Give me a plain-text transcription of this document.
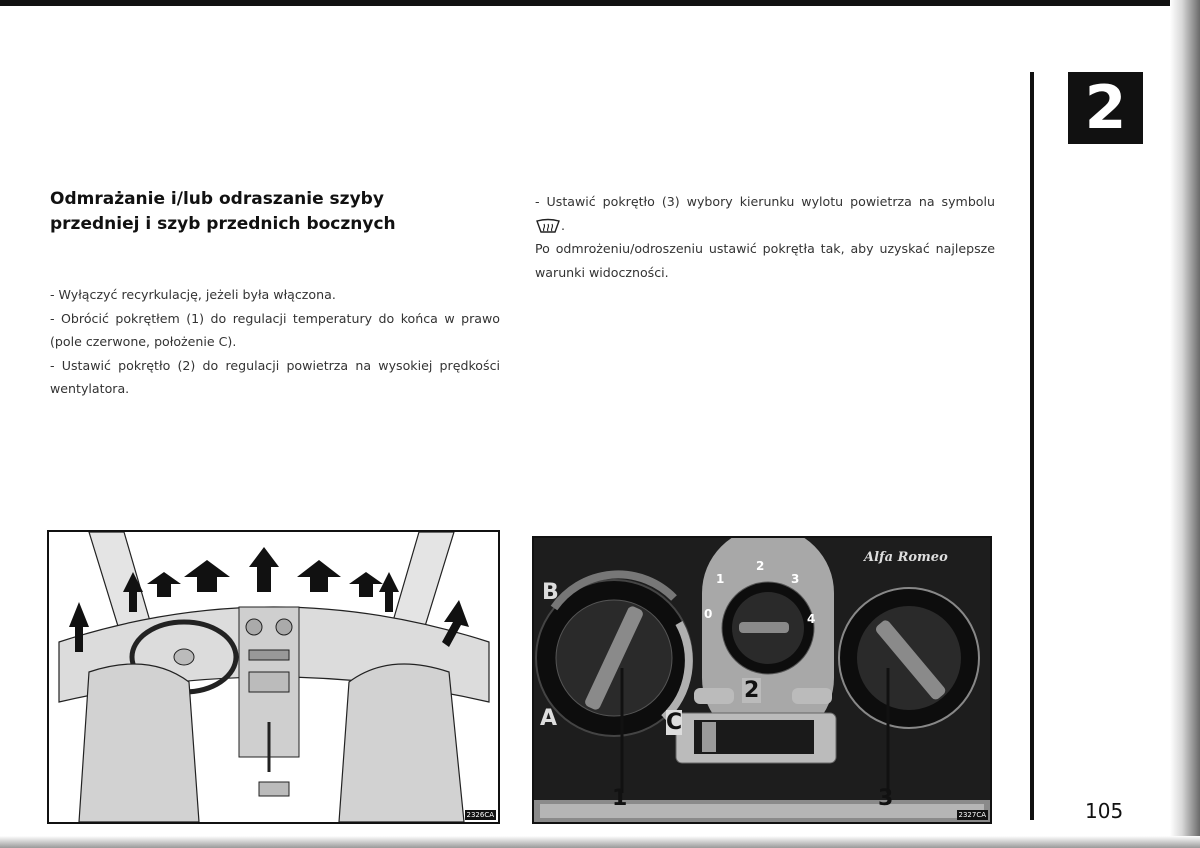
2
Odmrażanie i/lub odraszanie szyby przedniej i szyb przednich bocznych
- Wyłączyć recyrkulację, jeżeli była włączona.
- Obrócić pokrętłem (1) do regulacji temperatury do końca w prawo (pole czerwone, położenie C).
- Ustawić pokrętło (2) do regulacji powietrza na wysokiej prędkości wentylatora.
- Ustawić pokrętło (3) wybory kierunku wylotu powietrza na symbolu .
Po odmrożeniu/odroszeniu ustawić pokrętła tak, aby uzyskać najlepsze warunki widoczności.
2326CA
2
1	3
0	4
Alfa Romeo
B
A	C
2
1	3
2327CA	105
